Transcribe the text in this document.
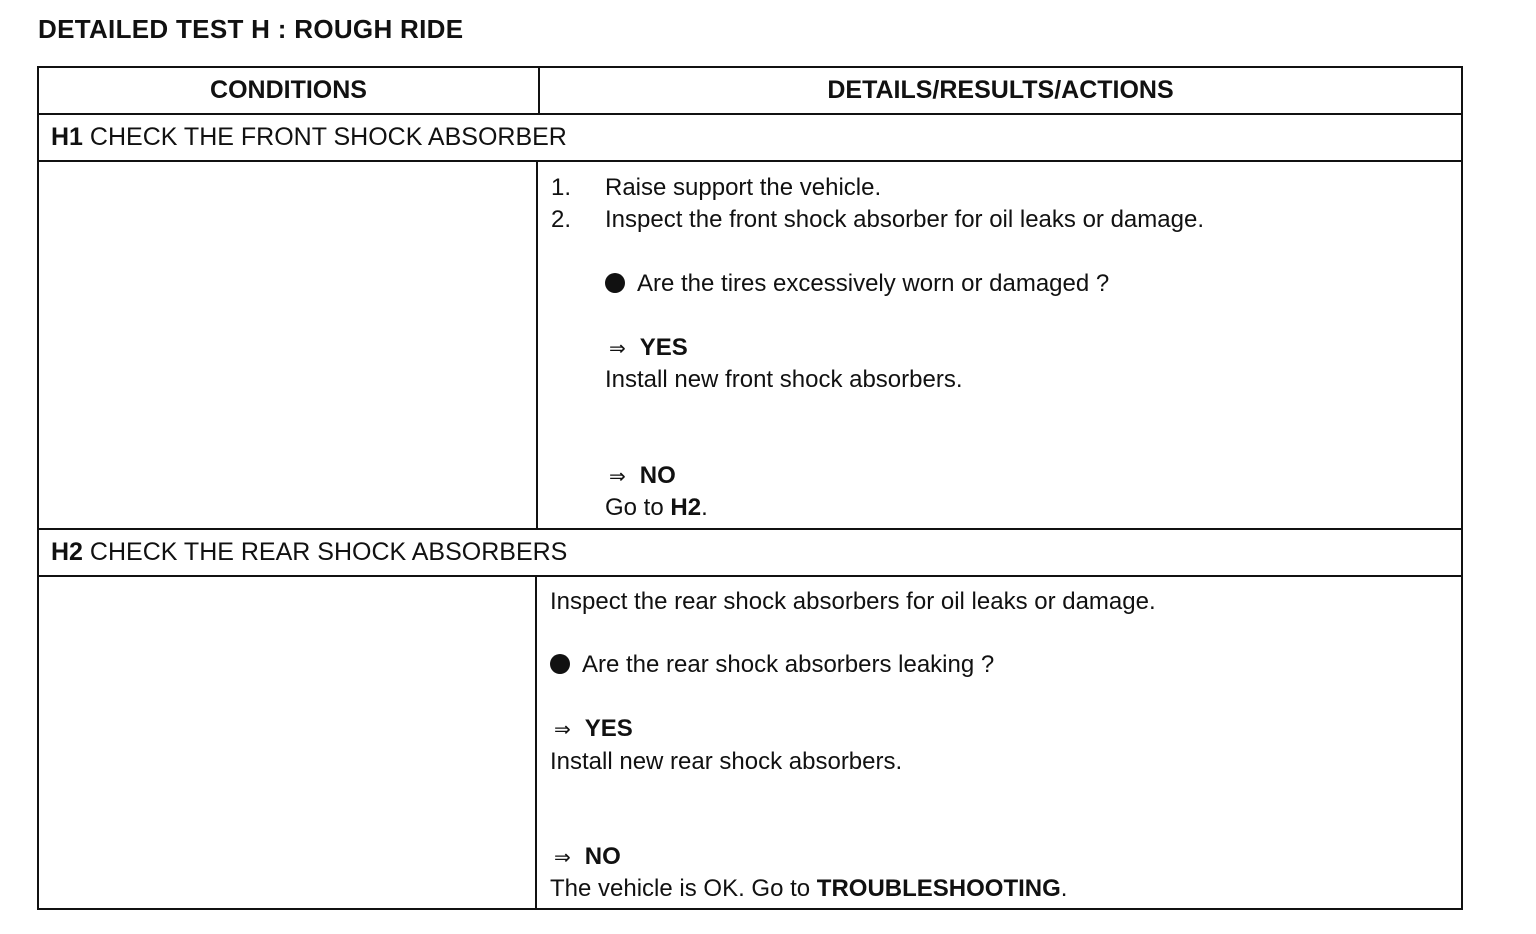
DETAILED TEST H : ROUGH RIDE
CONDITIONS	DETAILS/RESULTS/ACTIONS
H1 CHECK THE FRONT SHOCK ABSORBER
1. Raise support the vehicle.
2. Inspect the front shock absorber for oil leaks or damage.
Are the tires excessively worn or damaged ?
⇒ YES
Install new front shock absorbers.
⇒ NO
Go to H2.
H2 CHECK THE REAR SHOCK ABSORBERS
Inspect the rear shock absorbers for oil leaks or damage.
Are the rear shock absorbers leaking ?
⇒ YES
Install new rear shock absorbers.
⇒ NO
The vehicle is OK. Go to TROUBLESHOOTING.
